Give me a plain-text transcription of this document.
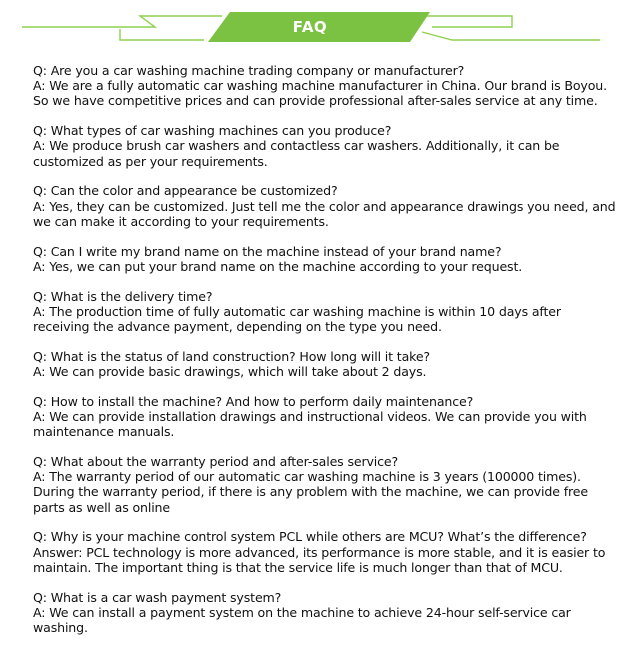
FAQ

Q: Are you a car washing machine trading company or manufacturer?

A: We are a fully automatic car washing machine manufacturer in China. Our brand is Boyou. So we have competitive prices and can provide professional after-sales service at any time.

Q: What types of car washing machines can you produce?

A: We produce brush car washers and contactless car washers. Additionally, it can be customized as per your requirements.

Q: Can the color and appearance be customized?

A: Yes, they can be customized. Just tell me the color and appearance drawings you need, and we can make it according to your requirements.

Q: Can I write my brand name on the machine instead of your brand name?

A: Yes, we can put your brand name on the machine according to your request.

Q: What is the delivery time?

A: The production time of fully automatic car washing machine is within 10 days after receiving the advance payment, depending on the type you need.

Q: What is the status of land construction? How long will it take?

A: We can provide basic drawings, which will take about 2 days.

Q: How to install the machine? And how to perform daily maintenance?

A: We can provide installation drawings and instructional videos. We can provide you with maintenance manuals.

Q: What about the warranty period and after-sales service?

A: The warranty period of our automatic car washing machine is 3 years (100000 times). During the warranty period, if there is any problem with the machine, we can provide free parts as well as online

Q: Why is your machine control system PCL while others are MCU? What’s the difference?

Answer: PCL technology is more advanced, its performance is more stable, and it is easier to maintain. The important thing is that the service life is much longer than that of MCU.

Q: What is a car wash payment system?

A: We can install a payment system on the machine to achieve 24-hour self-service car washing.
